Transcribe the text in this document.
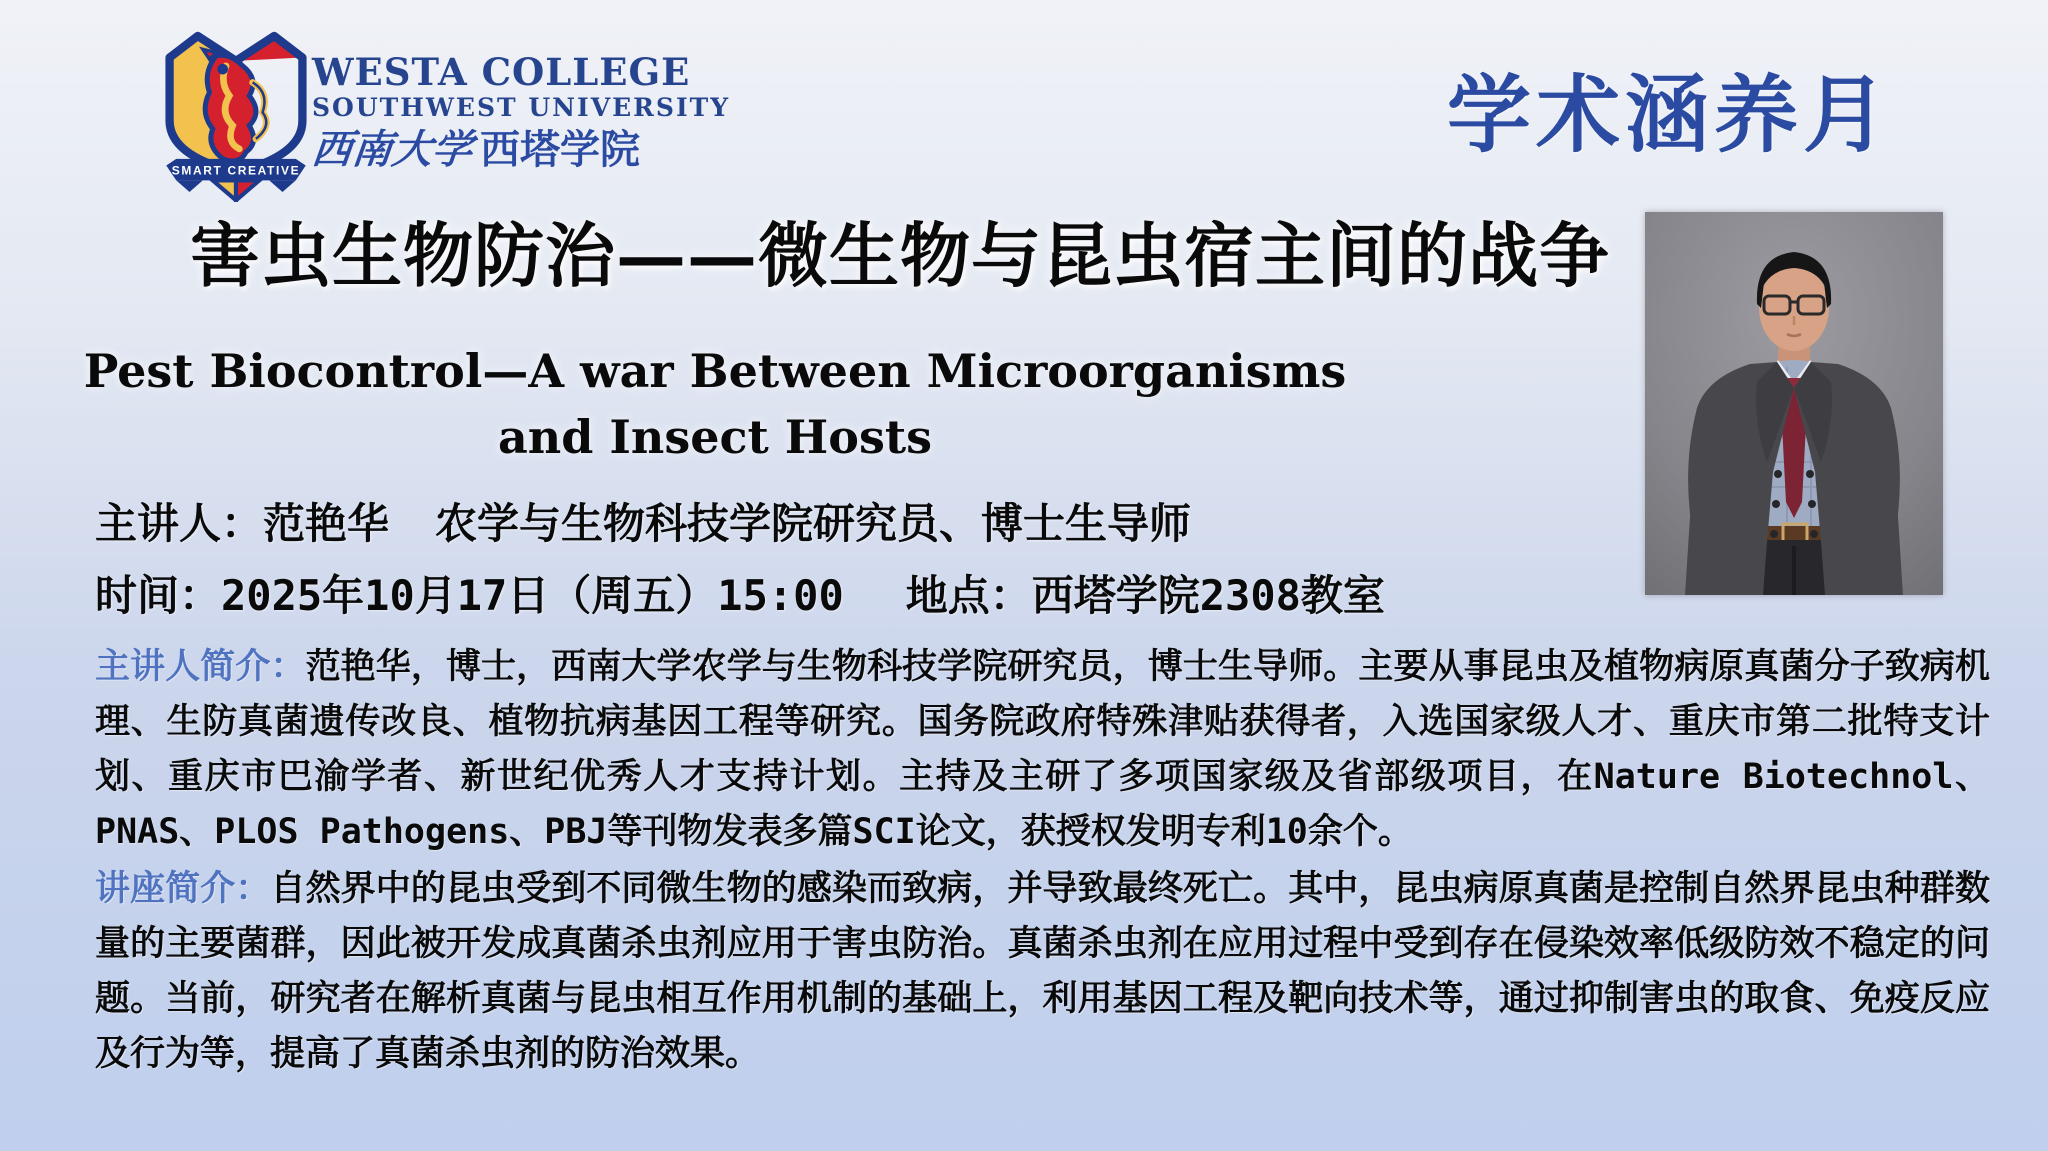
SMART CREATIVE
WESTA COLLEGE
SOUTHWEST UNIVERSITY
西南大学 西塔学院	学术涵养月
害虫生物防治——微生物与昆虫宿主间的战争
Pest Biocontrol—A war Between Microorganisms
and Insect Hosts
主讲人：范艳华 农学与生物科技学院研究员、博士生导师
时间：2025年10月17日（周五）15:00 地点：西塔学院2308教室
主讲人简介：范艳华，博士，西南大学农学与生物科技学院研究员，博士生导师。主要从事昆虫及植物病原真菌分子致病机理、生防真菌遗传改良、植物抗病基因工程等研究。国务院政府特殊津贴获得者，入选国家级人才、重庆市第二批特支计划、重庆市巴渝学者、新世纪优秀人才支持计划。主持及主研了多项国家级及省部级项目，在Nature Biotechnol、PNAS、PLOS Pathogens、PBJ等刊物发表多篇SCI论文，获授权发明专利10余个。
讲座简介：自然界中的昆虫受到不同微生物的感染而致病，并导致最终死亡。其中，昆虫病原真菌是控制自然界昆虫种群数量的主要菌群，因此被开发成真菌杀虫剂应用于害虫防治。真菌杀虫剂在应用过程中受到存在侵染效率低级防效不稳定的问题。当前，研究者在解析真菌与昆虫相互作用机制的基础上，利用基因工程及靶向技术等，通过抑制害虫的取食、免疫反应及行为等，提高了真菌杀虫剂的防治效果。
